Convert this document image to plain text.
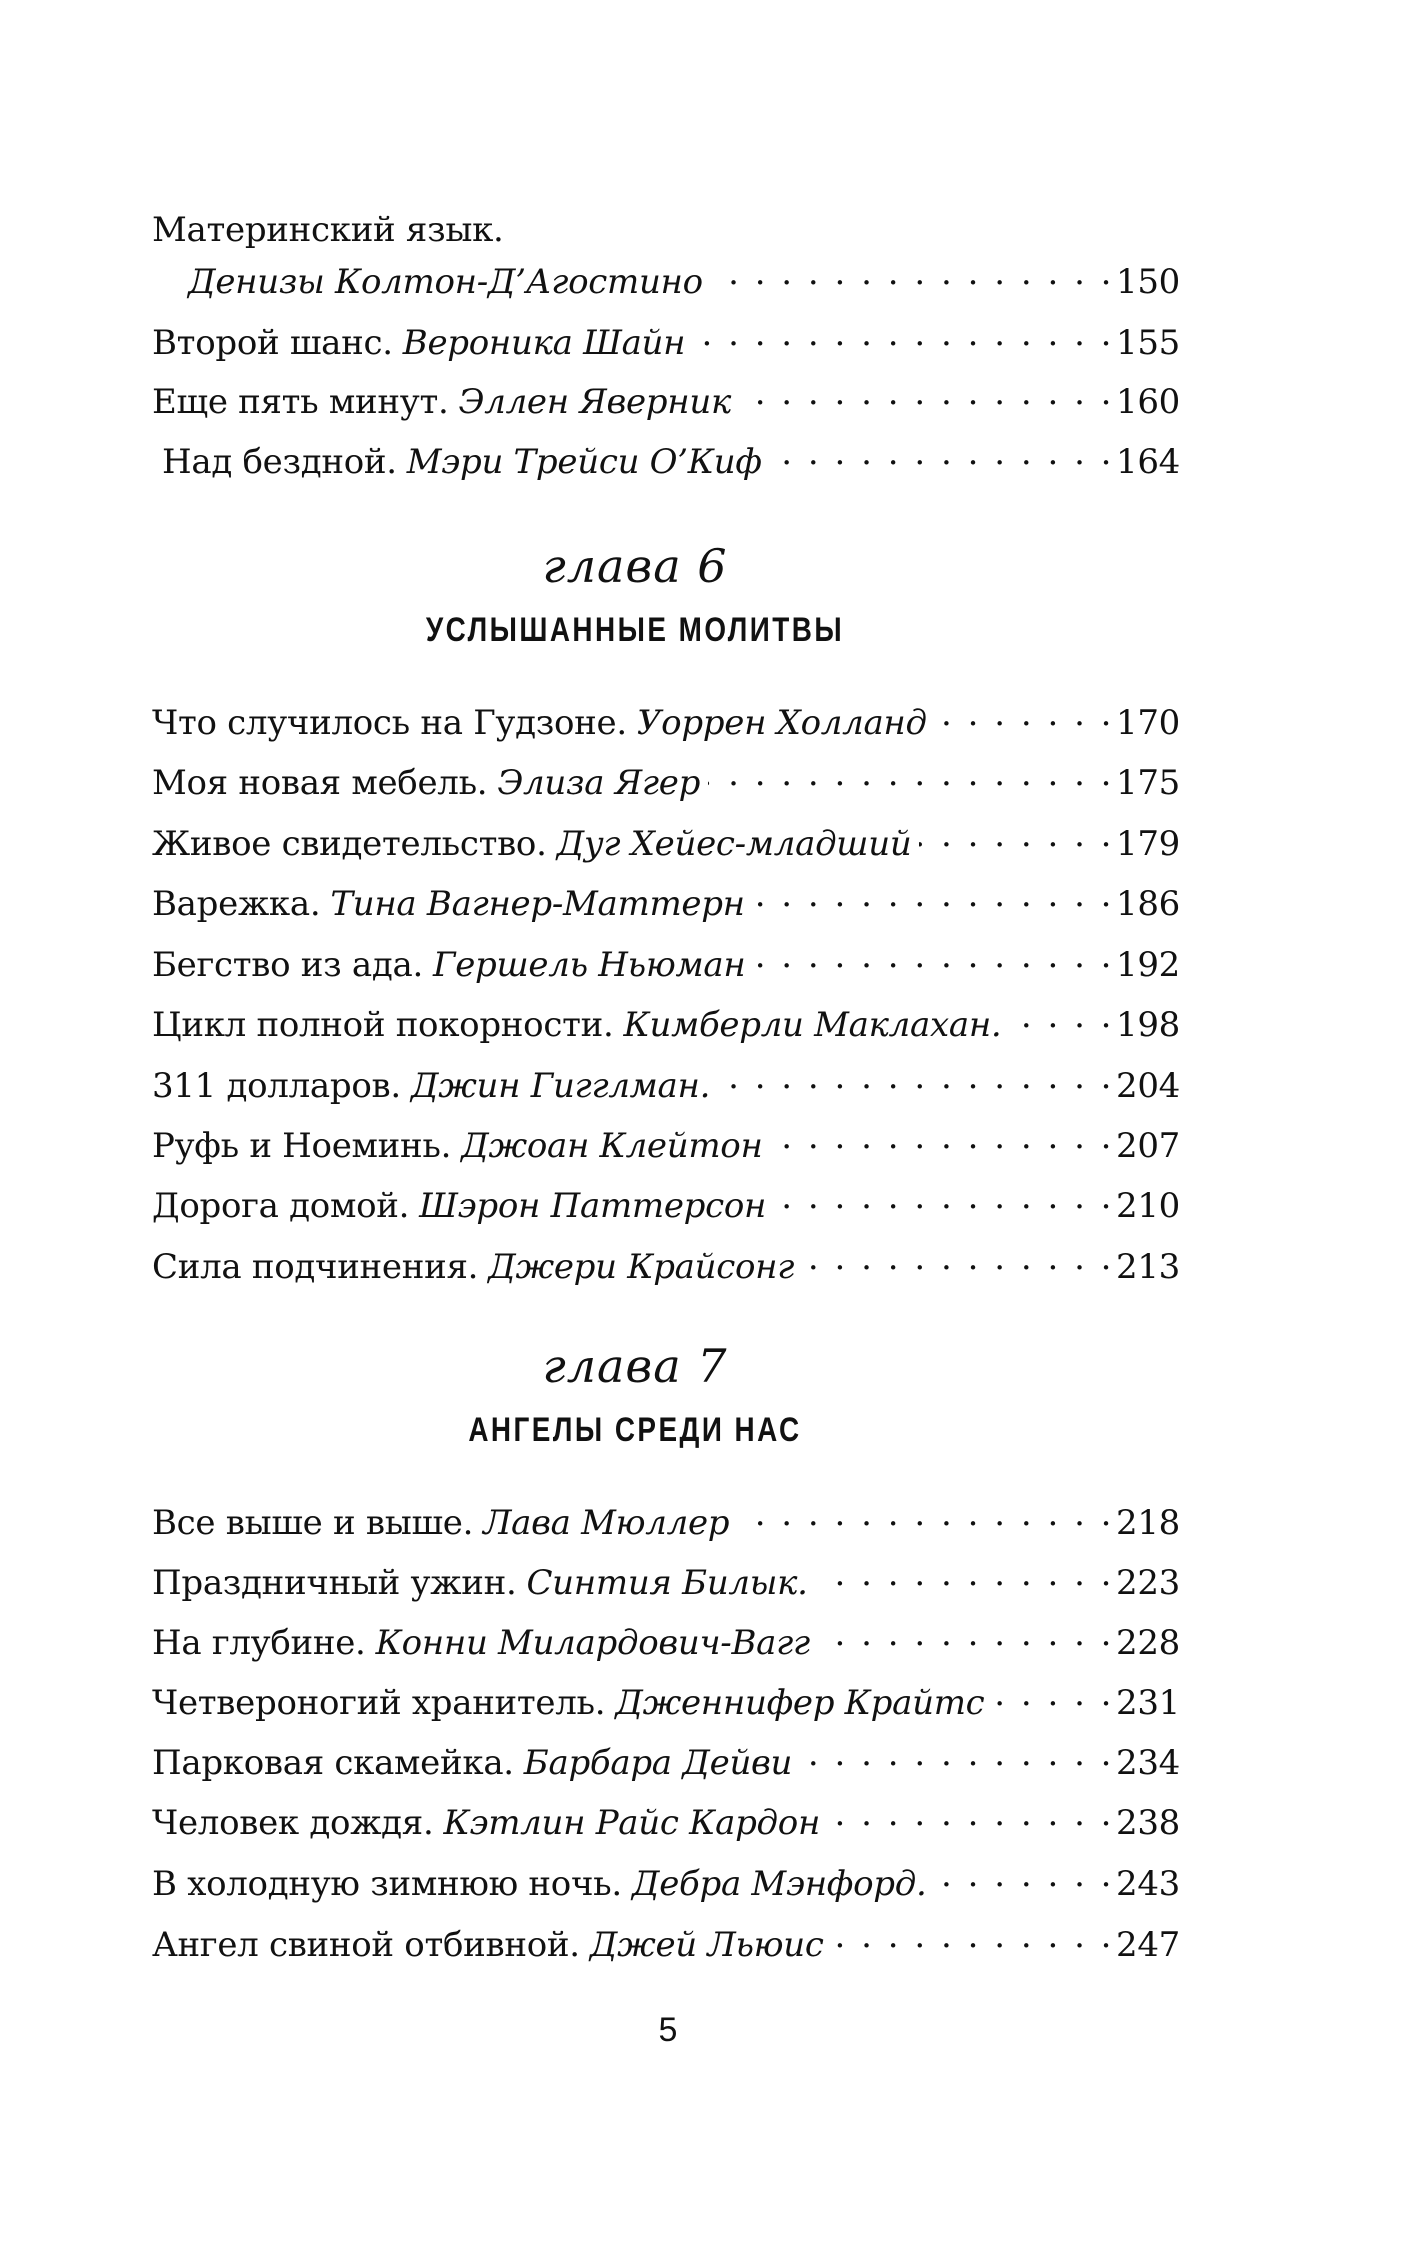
Материнский язык.
Денизы Колтон-Д’Агостино . . .	150
Второй шанс. Вероника Шайн . . .	155
Еще пять минут. Эллен Яверник . . .	160
Над бездной. Мэри Трейси О’Киф . . .	164
глава 6
УСЛЫШАННЫЕ МОЛИТВЫ
Что случилось на Гудзоне. Уоррен Холланд . . .	170
Моя новая мебель. Элиза Ягер . . .	175
Живое свидетельство. Дуг Хейес-младший . . .	179
Варежка. Тина Вагнер-Маттерн . . .	186
Бегство из ада. Гершель Ньюман . . .	192
Цикл полной покорности. Кимберли Маклахан. . . .	198
311 долларов. Джин Гигглман. . . .	204
Руфь и Ноеминь. Джоан Клейтон . . .	207
Дорога домой. Шэрон Паттерсон . . .	210
Сила подчинения. Джери Крайсонг . . .	213
глава 7
АНГЕЛЫ СРЕДИ НАС
Все выше и выше. Лава Мюллер . . .	218
Праздничный ужин. Синтия Билык. . . .	223
На глубине. Конни Милардович-Вагг . . .	228
Четвероногий хранитель. Дженнифер Крайтс . . .	231
Парковая скамейка. Барбара Дейви . . .	234
Человек дождя. Кэтлин Райс Кардон . . .	238
В холодную зимнюю ночь. Дебра Мэнфорд. . . .	243
Ангел свиной отбивной. Джей Льюис . . .	247
5
